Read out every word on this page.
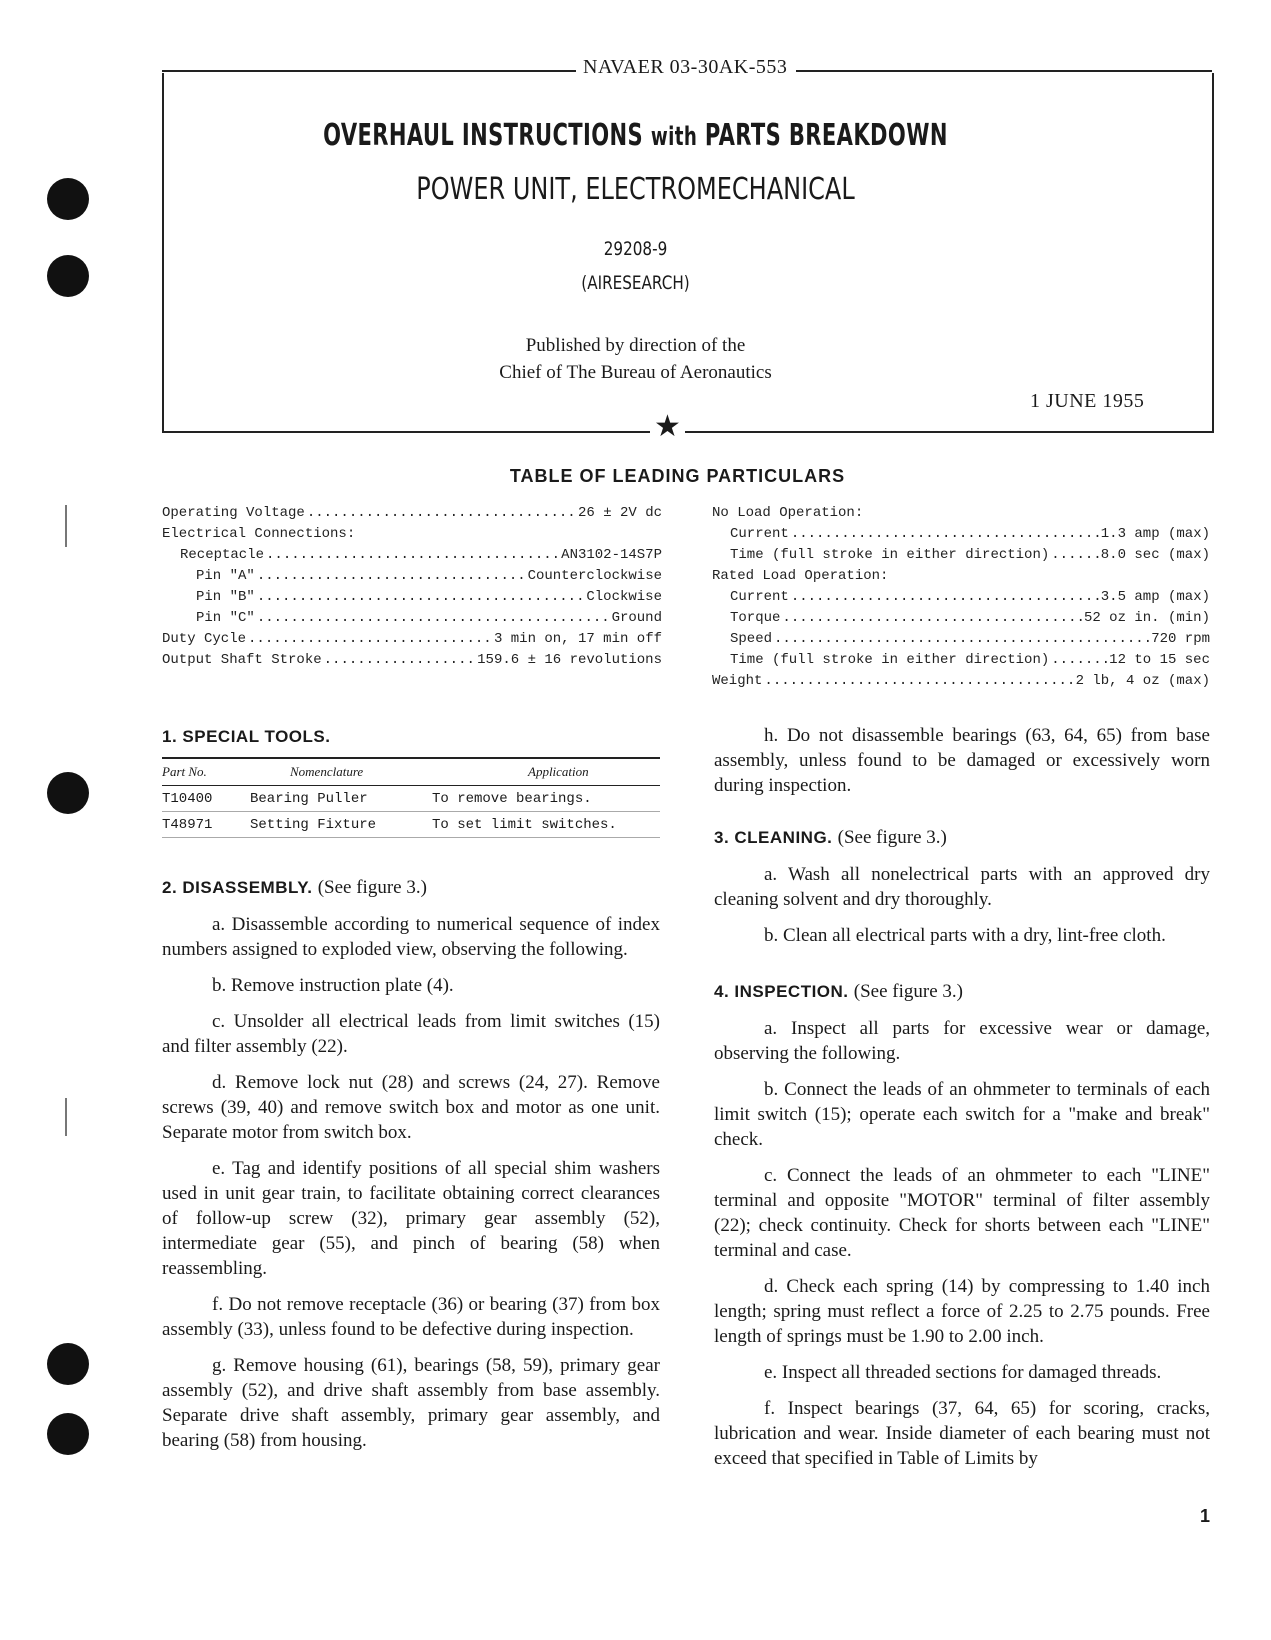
NAVAER 03-30AK-553
OVERHAUL INSTRUCTIONS with PARTS BREAKDOWN
POWER UNIT, ELECTROMECHANICAL
29208-9
(AIRESEARCH)
Published by direction of the
Chief of The Bureau of Aeronautics
1 JUNE 1955
★
TABLE OF LEADING PARTICULARS
Operating Voltage .....	26 ± 2V dc
Electrical Connections:
Receptacle .....	AN3102-14S7P
Pin "A" .....	Counterclockwise
Pin "B" .....	Clockwise
Pin "C" .....	Ground
Duty Cycle .....	3 min on, 17 min off
Output Shaft Stroke .....	159.6 ± 16 revolutions
No Load Operation:
Current .....	1.3 amp (max)
Time (full stroke in either direction) .....	8.0 sec (max)
Rated Load Operation:
Current .....	3.5 amp (max)
Torque .....	52 oz in. (min)
Speed .....	720 rpm
Time (full stroke in either direction) .....	12 to 15 sec
Weight .....	2 lb, 4 oz (max)
1. SPECIAL TOOLS.
Part No.	Nomenclature	Application
T10400	Bearing Puller	To remove bearings.
T48971	Setting Fixture	To set limit switches.
2. DISASSEMBLY. (See figure 3.)

a. Disassemble according to numerical sequence of index numbers assigned to exploded view, observing the following.

b. Remove instruction plate (4).

c. Unsolder all electrical leads from limit switches (15) and filter assembly (22).

d. Remove lock nut (28) and screws (24, 27). Remove screws (39, 40) and remove switch box and motor as one unit. Separate motor from switch box.

e. Tag and identify positions of all special shim washers used in unit gear train, to facilitate obtaining correct clearances of follow-up screw (32), primary gear assembly (52), intermediate gear (55), and pinch of bearing (58) when reassembling.

f. Do not remove receptacle (36) or bearing (37) from box assembly (33), unless found to be defective during inspection.

g. Remove housing (61), bearings (58, 59), primary gear assembly (52), and drive shaft assembly from base assembly. Separate drive shaft assembly, primary gear assembly, and bearing (58) from housing.

h. Do not disassemble bearings (63, 64, 65) from base assembly, unless found to be damaged or excessively worn during inspection.

3. CLEANING. (See figure 3.)

a. Wash all nonelectrical parts with an approved dry cleaning solvent and dry thoroughly.

b. Clean all electrical parts with a dry, lint-free cloth.

4. INSPECTION. (See figure 3.)

a. Inspect all parts for excessive wear or damage, observing the following.

b. Connect the leads of an ohmmeter to terminals of each limit switch (15); operate each switch for a "make and break" check.

c. Connect the leads of an ohmmeter to each "LINE" terminal and opposite "MOTOR" terminal of filter assembly (22); check continuity. Check for shorts between each "LINE" terminal and case.

d. Check each spring (14) by compressing to 1.40 inch length; spring must reflect a force of 2.25 to 2.75 pounds. Free length of springs must be 1.90 to 2.00 inch.

e. Inspect all threaded sections for damaged threads.

f. Inspect bearings (37, 64, 65) for scoring, cracks, lubrication and wear. Inside diameter of each bearing must not exceed that specified in Table of Limits by

1
